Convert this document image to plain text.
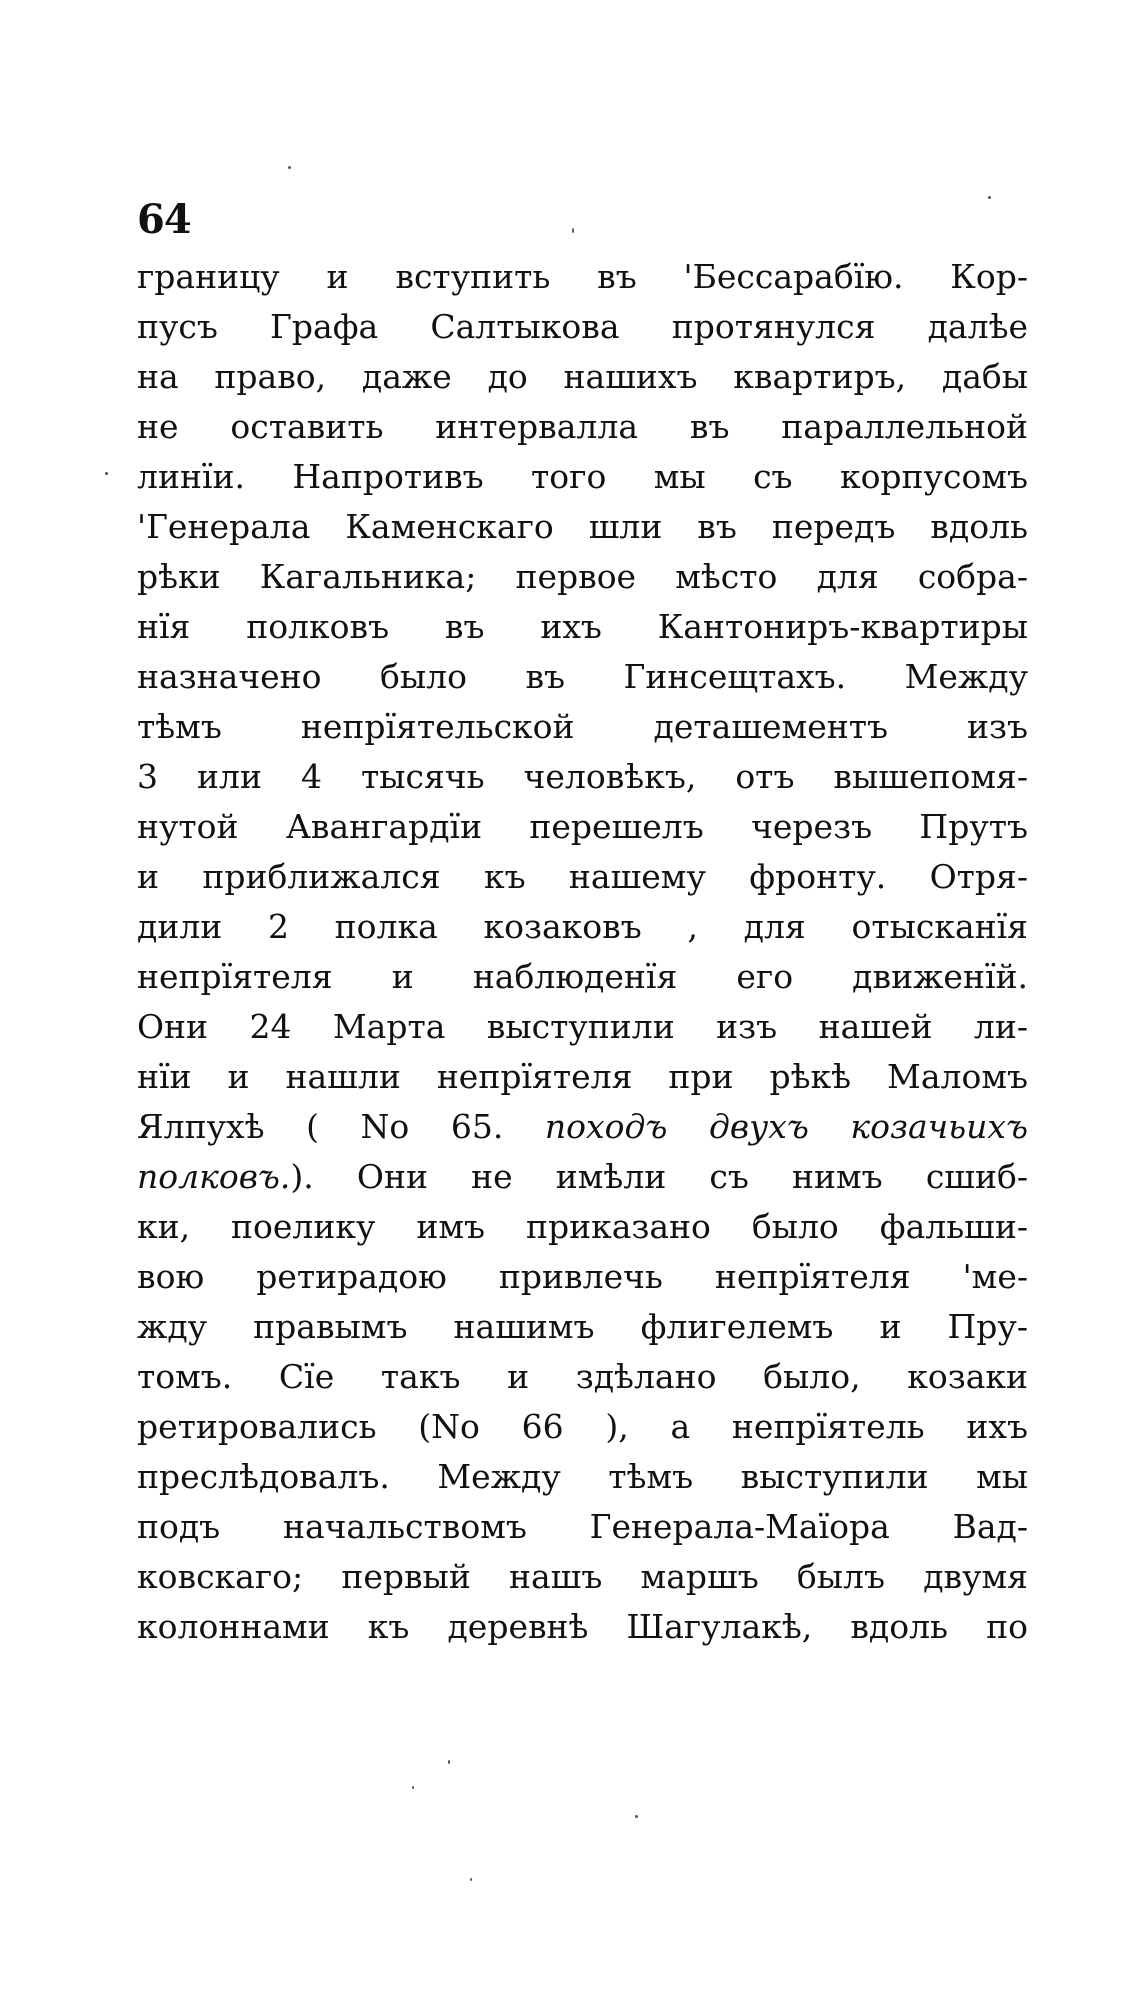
64
границу и вступить въ 'Бессарабїю. Кор-
пусъ Графа Салтыкова протянулся далѣе
на право, даже до нашихъ квартиръ, дабы
не оставить интервалла въ параллельной
линїи. Напротивъ того мы съ корпусомъ
'Генерала Каменскаго шли въ передъ вдоль
рѣки Кагальника; первое мѣсто для собра-
нїя полковъ въ ихъ Кантониръ-квартиры
назначено было въ Гинсещтахъ. Между
тѣмъ непрїятельской деташементъ изъ
3 или 4 тысячь человѣкъ, отъ вышепомя-
нутой Авангардїи перешелъ черезъ Прутъ
и приближался къ нашему фронту. Отря-
дили 2 полка козаковъ , для отысканїя
непрїятеля и наблюденїя его движенїй.
Они 24 Марта выступили изъ нашей ли-
нїи и нашли непрїятеля при рѣкѣ Маломъ
Ялпухѣ ( No 65. походъ двухъ козачьихъ
полковъ.). Они не имѣли съ нимъ сшиб-
ки, поелику имъ приказано было фальши-
вою ретирадою привлечь непрїятеля 'ме-
жду правымъ нашимъ флигелемъ и Пру-
томъ. Сїе такъ и здѣлано было, козаки
ретировались (No 66 ), а непрїятель ихъ
преслѣдовалъ. Между тѣмъ выступили мы
подъ начальствомъ Генерала-Маїора Вад-
ковскаго; первый нашъ маршъ былъ двумя
колоннами къ деревнѣ Шагулакѣ, вдоль по
